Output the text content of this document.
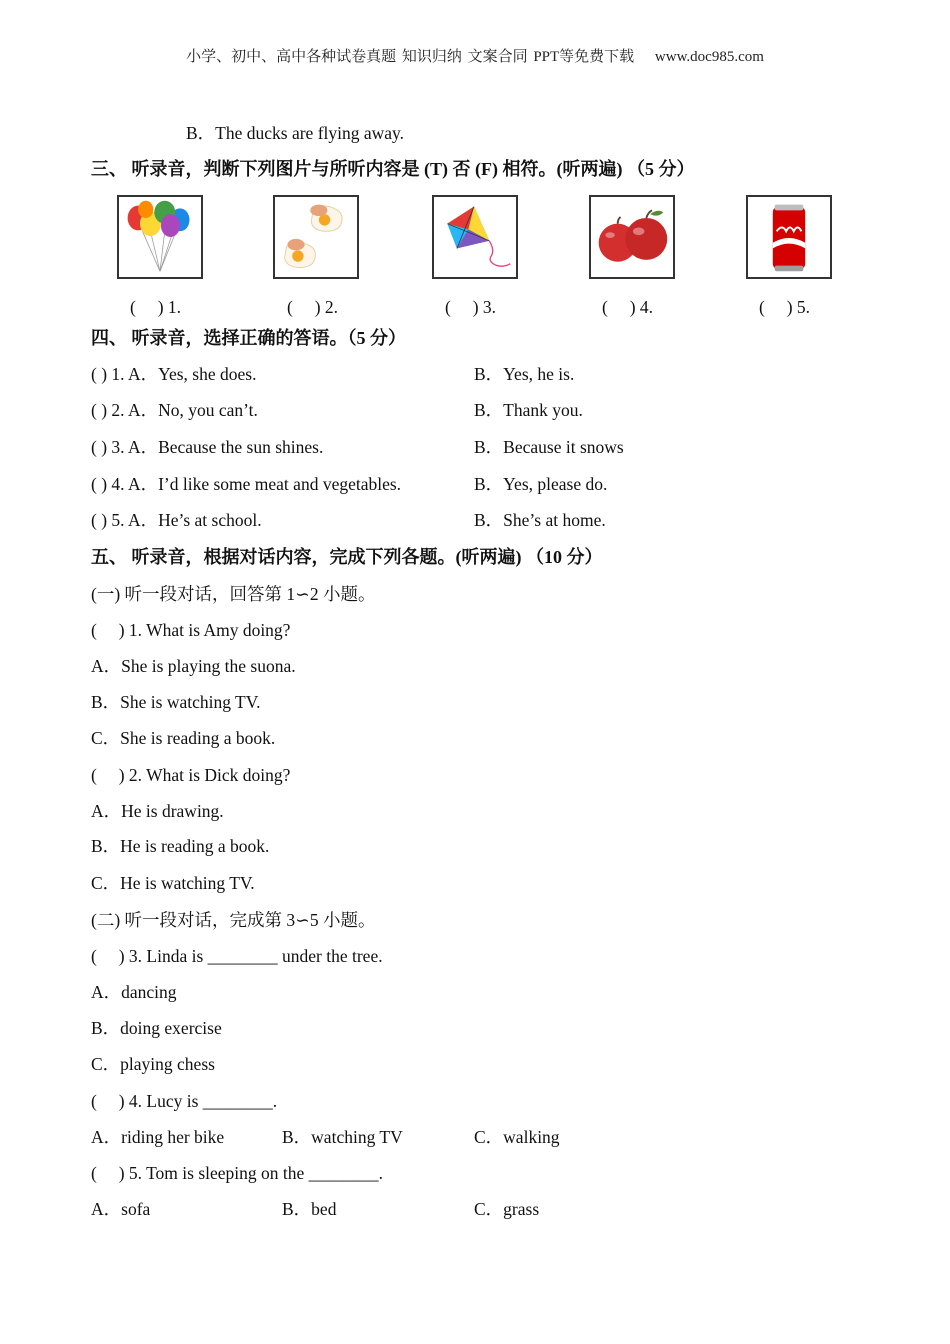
小学、初中、高中各种试卷真题 知识归纳 文案合同 PPT等免费下载 　www.doc985.com
B．The ducks are flying away.
三、 听录音，判断下列图片与所听内容是 (T) 否 (F) 相符。(听两遍) （5 分）
(　 ) 1.	(　 ) 2.	(　 ) 3.	(　 ) 4.	(　 ) 5.
四、 听录音，选择正确的答语。（5 分）
( ) 1. A．Yes, she does.	B．Yes, he is.
( ) 2. A．No, you can’t.	B．Thank you.
( ) 3. A．Because the sun shines.	B．Because it snows
( ) 4. A．I’d like some meat and vegetables.	B．Yes, please do.
( ) 5. A．He’s at school.	B．She’s at home.
五、 听录音，根据对话内容，完成下列各题。(听两遍) （10 分）
(一) 听一段对话，回答第 1∽2 小题。
(　 ) 1. What is Amy doing?
A．She is playing the suona.
B．She is watching TV.
C．She is reading a book.
(　 ) 2. What is Dick doing?
A．He is drawing.
B．He is reading a book.
C．He is watching TV.
(二) 听一段对话，完成第 3∽5 小题。
(　 ) 3. Linda is ________ under the tree.
A．dancing
B．doing exercise
C．playing chess
(　 ) 4. Lucy is ________.
A．riding her bike	B．watching TV	C．walking
(　 ) 5. Tom is sleeping on the ________.
A．sofa	B．bed	C．grass
